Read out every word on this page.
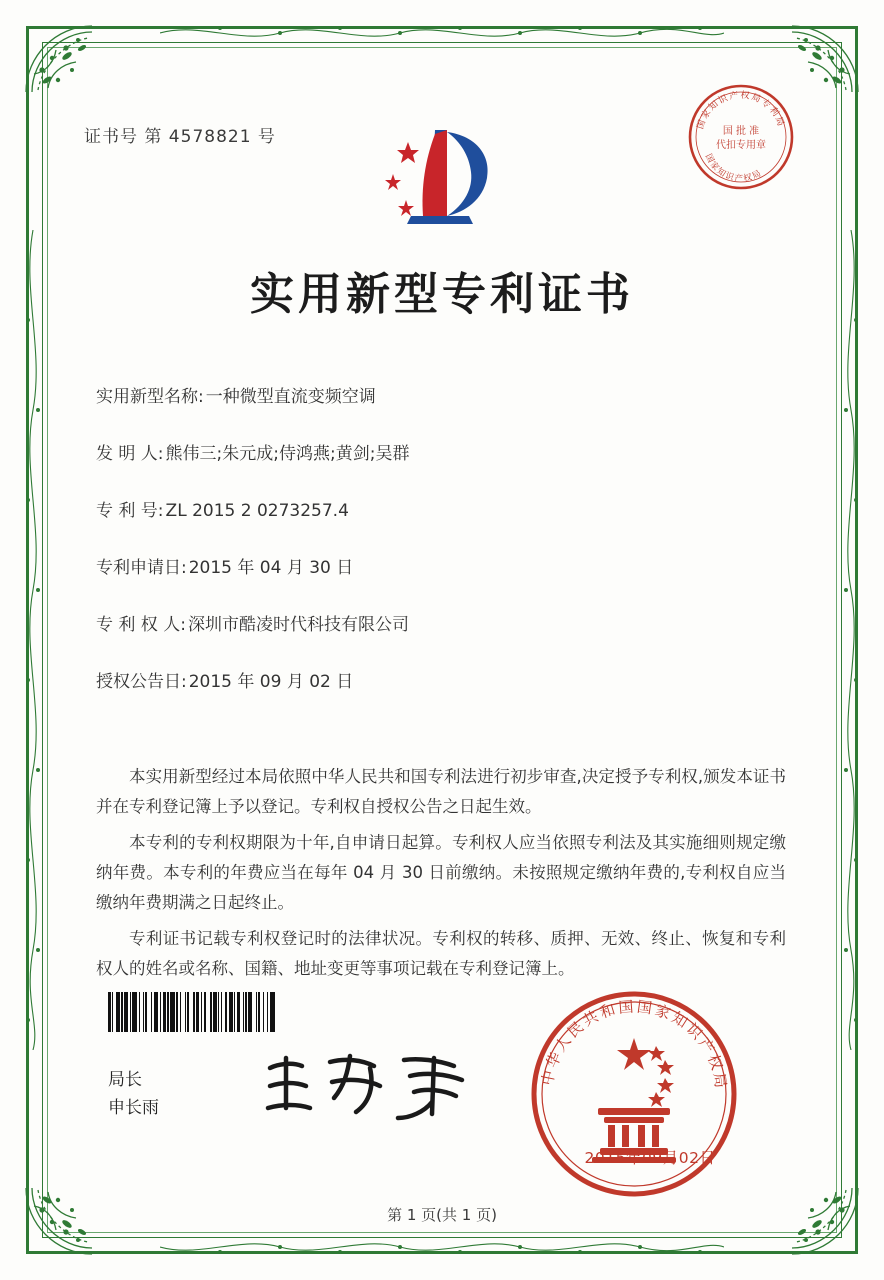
证书号 第 4578821 号
国家知识产权局专利局
国家知识产权局
国 批 准
代扣专用章
实用新型专利证书
实用新型名称: 一种微型直流变频空调
发 明 人: 熊伟三;朱元成;侍鸿燕;黄剑;吴群
专 利 号: ZL 2015 2 0273257.4
专利申请日: 2015 年 04 月 30 日
专 利 权 人: 深圳市酷凌时代科技有限公司
授权公告日: 2015 年 09 月 02 日

本实用新型经过本局依照中华人民共和国专利法进行初步审查,决定授予专利权,颁发本证书并在专利登记簿上予以登记。专利权自授权公告之日起生效。

本专利的专利权期限为十年,自申请日起算。专利权人应当依照专利法及其实施细则规定缴纳年费。本专利的年费应当在每年 04 月 30 日前缴纳。未按照规定缴纳年费的,专利权自应当缴纳年费期满之日起终止。

专利证书记载专利权登记时的法律状况。专利权的转移、质押、无效、终止、恢复和专利权人的姓名或名称、国籍、地址变更等事项记载在专利登记簿上。

局长
申长雨
中华人民共和国国家知识产权局
2015年09月02日
第 1 页(共 1 页)
